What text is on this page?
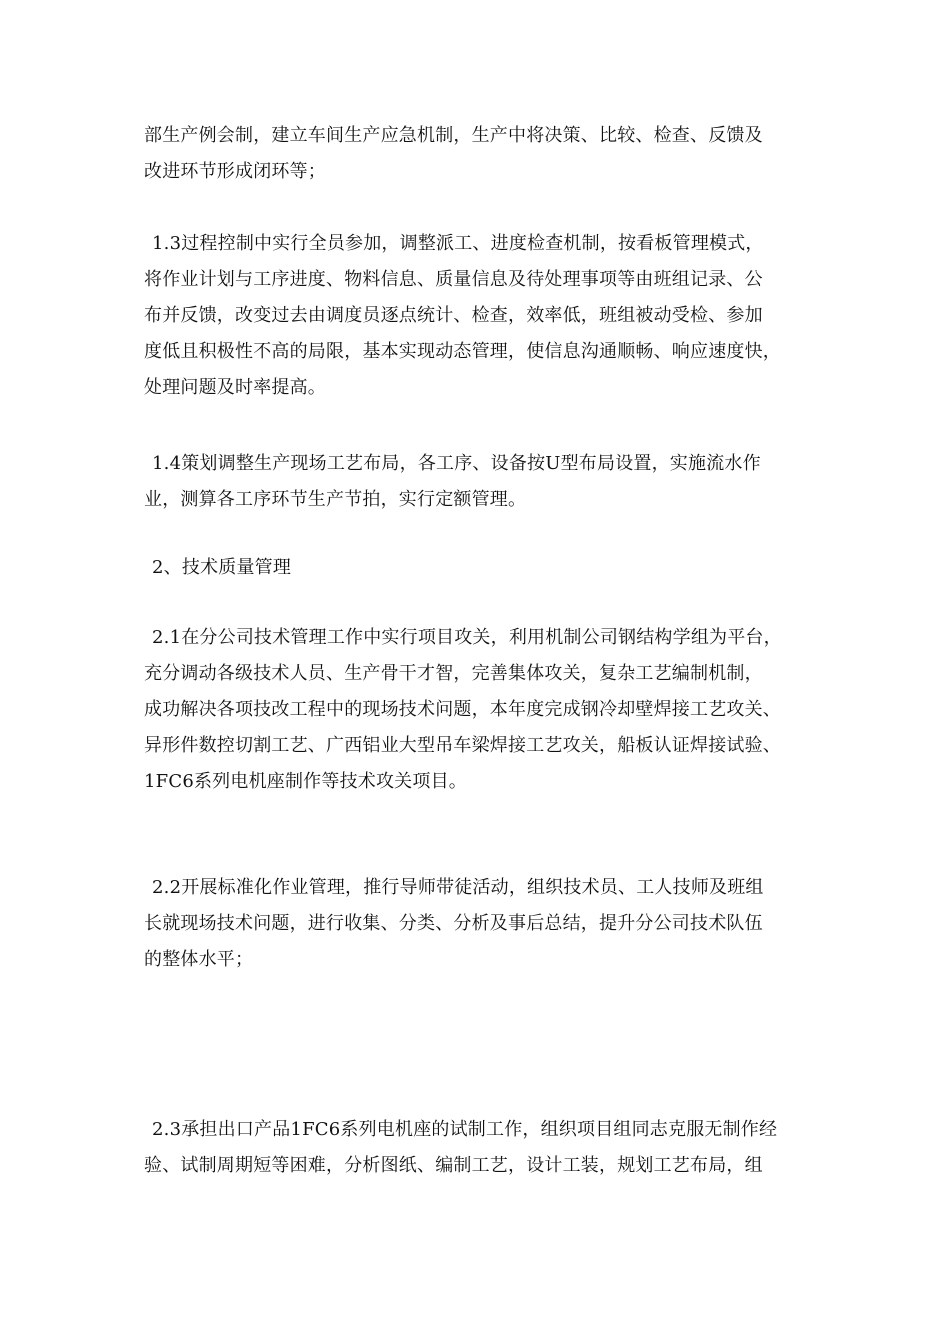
部生产例会制，建立车间生产应急机制，生产中将决策、比较、检查、反馈及
改进环节形成闭环等；
1.3过程控制中实行全员参加，调整派工、进度检查机制，按看板管理模式，
将作业计划与工序进度、物料信息、质量信息及待处理事项等由班组记录、公
布并反馈，改变过去由调度员逐点统计、检查，效率低，班组被动受检、参加
度低且积极性不高的局限，基本实现动态管理，使信息沟通顺畅、响应速度快，
处理问题及时率提高。
1.4策划调整生产现场工艺布局，各工序、设备按U型布局设置，实施流水作
业，测算各工序环节生产节拍，实行定额管理。
2、技术质量管理
2.1在分公司技术管理工作中实行项目攻关，利用机制公司钢结构学组为平台，
充分调动各级技术人员、生产骨干才智，完善集体攻关，复杂工艺编制机制，
成功解决各项技改工程中的现场技术问题，本年度完成钢冷却壁焊接工艺攻关、
异形件数控切割工艺、广西铝业大型吊车梁焊接工艺攻关，船板认证焊接试验、
1FC6系列电机座制作等技术攻关项目。
2.2开展标准化作业管理，推行导师带徒活动，组织技术员、工人技师及班组
长就现场技术问题，进行收集、分类、分析及事后总结，提升分公司技术队伍
的整体水平；
2.3承担出口产品1FC6系列电机座的试制工作，组织项目组同志克服无制作经
验、试制周期短等困难，分析图纸、编制工艺，设计工装，规划工艺布局，组
